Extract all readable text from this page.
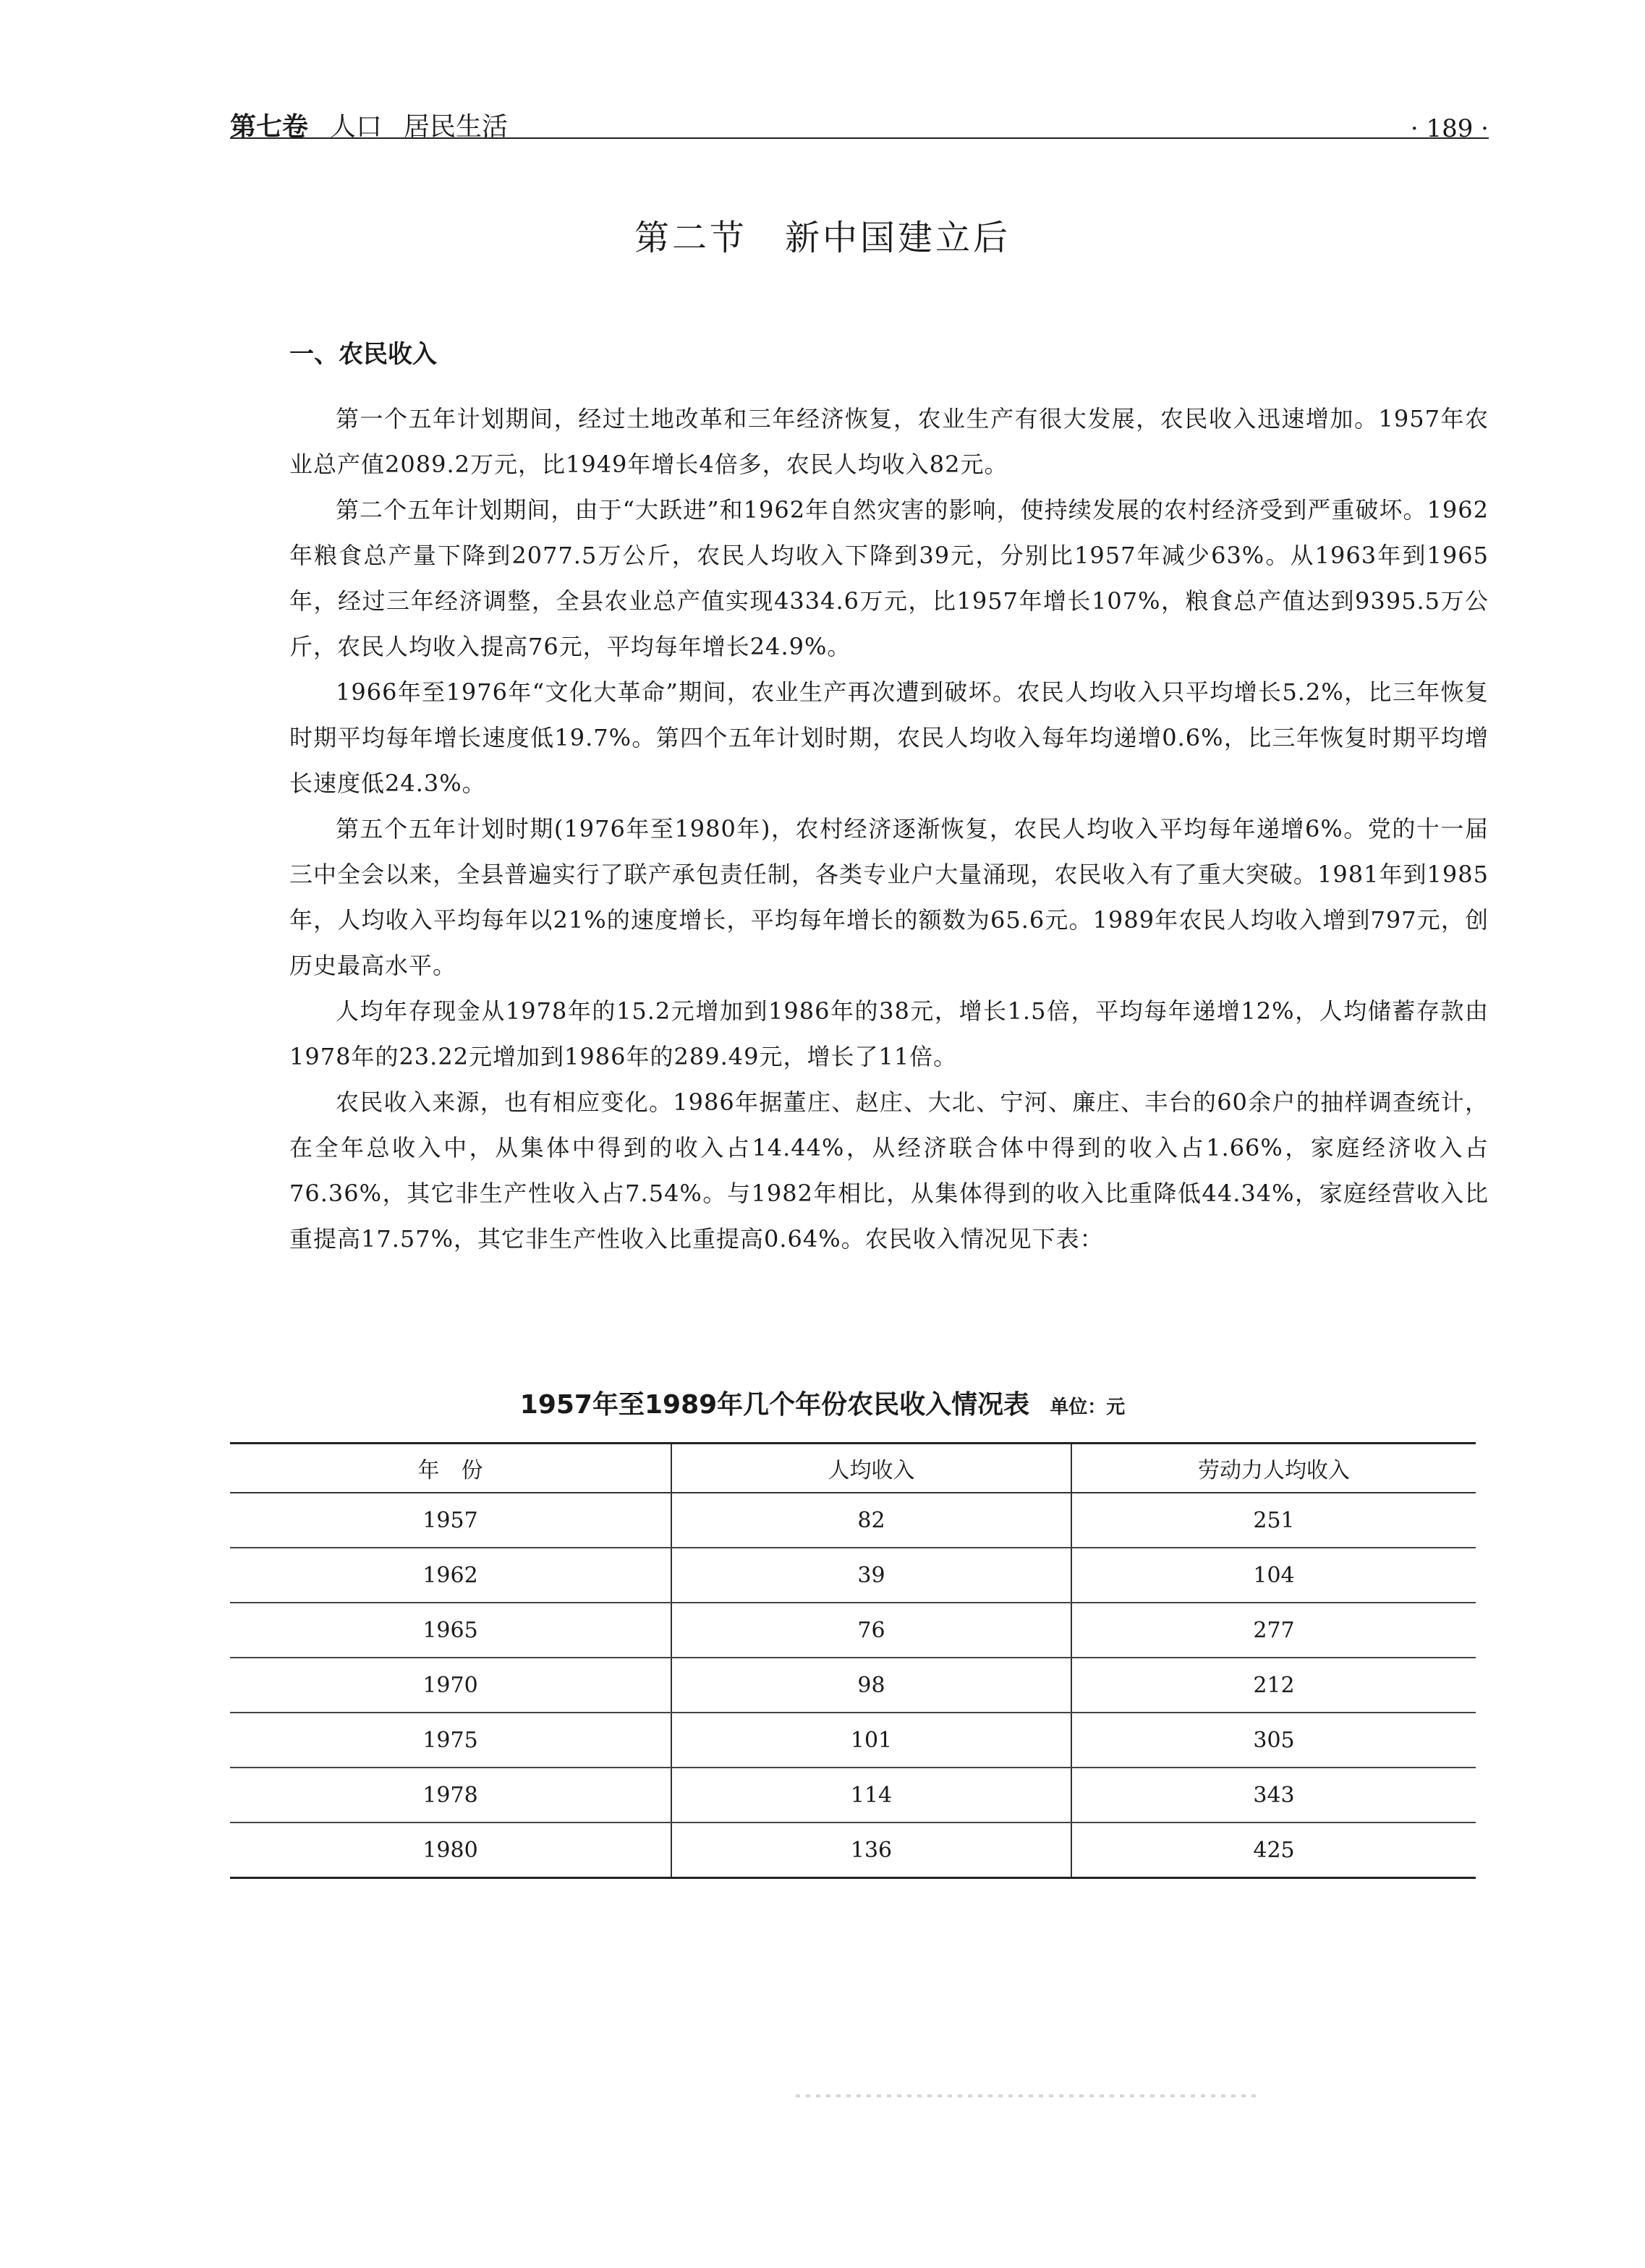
第七卷 人口 居民生活	· 189 ·
第二节　新中国建立后
一、农民收入

第一个五年计划期间，经过土地改革和三年经济恢复，农业生产有很大发展，农民收入迅速增加。1957年农业总产值2089.2万元，比1949年增长4倍多，农民人均收入82元。

第二个五年计划期间，由于“大跃进”和1962年自然灾害的影响，使持续发展的农村经济受到严重破坏。1962年粮食总产量下降到2077.5万公斤，农民人均收入下降到39元，分别比1957年减少63%。从1963年到1965年，经过三年经济调整，全县农业总产值实现4334.6万元，比1957年增长107%，粮食总产值达到9395.5万公斤，农民人均收入提高76元，平均每年增长24.9%。

1966年至1976年“文化大革命”期间，农业生产再次遭到破坏。农民人均收入只平均增长5.2%，比三年恢复时期平均每年增长速度低19.7%。第四个五年计划时期，农民人均收入每年均递增0.6%，比三年恢复时期平均增长速度低24.3%。

第五个五年计划时期(1976年至1980年)，农村经济逐渐恢复，农民人均收入平均每年递增6%。党的十一届三中全会以来，全县普遍实行了联产承包责任制，各类专业户大量涌现，农民收入有了重大突破。1981年到1985年，人均收入平均每年以21%的速度增长，平均每年增长的额数为65.6元。1989年农民人均收入增到797元，创历史最高水平。

人均年存现金从1978年的15.2元增加到1986年的38元，增长1.5倍，平均每年递增12%，人均储蓄存款由1978年的23.22元增加到1986年的289.49元，增长了11倍。

农民收入来源，也有相应变化。1986年据董庄、赵庄、大北、宁河、廉庄、丰台的60余户的抽样调查统计，在全年总收入中，从集体中得到的收入占14.44%，从经济联合体中得到的收入占1.66%，家庭经济收入占76.36%，其它非生产性收入占7.54%。与1982年相比，从集体得到的收入比重降低44.34%，家庭经营收入比重提高17.57%，其它非生产性收入比重提高0.64%。农民收入情况见下表：

1957年至1989年几个年份农民收入情况表 单位：元
年　份	人均收入	劳动力人均收入
1957	82	251
1962	39	104
1965	76	277
1970	98	212
1975	101	305
1978	114	343
1980	136	425
